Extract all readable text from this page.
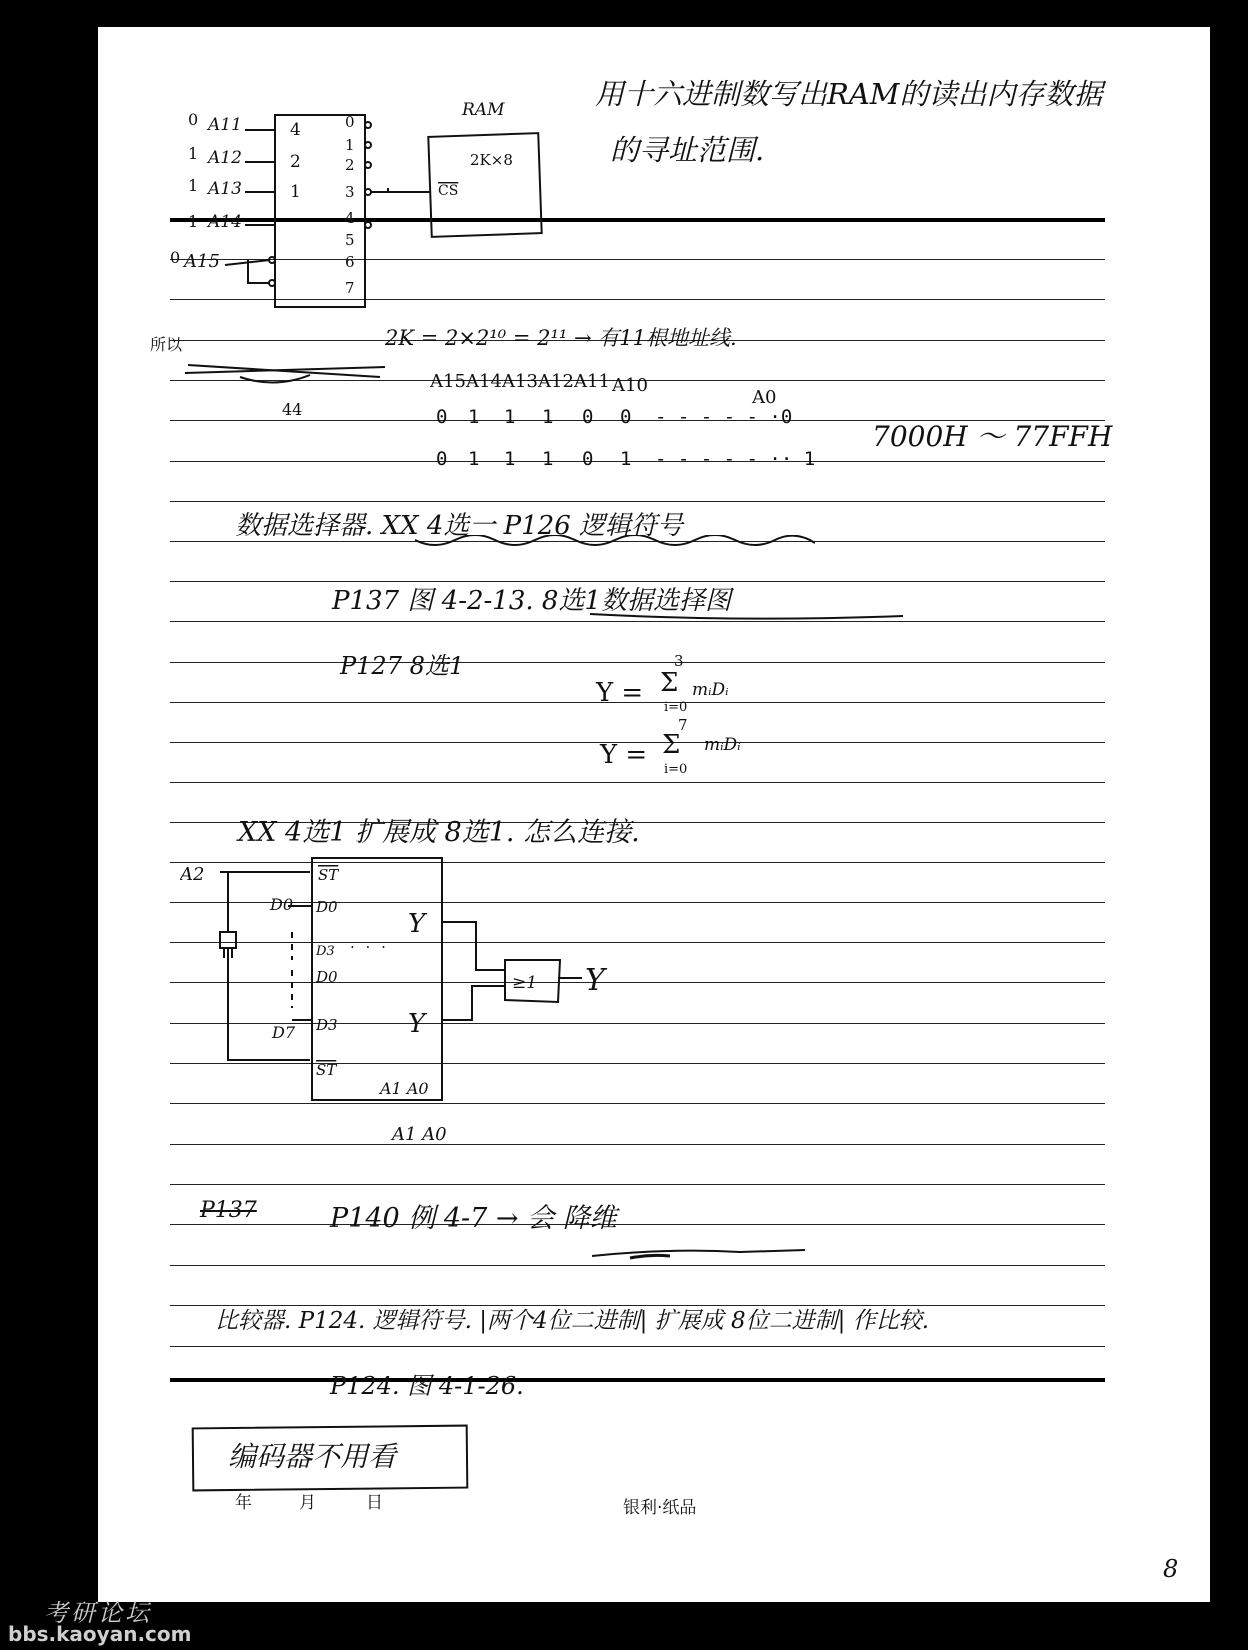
用十六进制数写出RAM的读出内存数据
的寻址范围.
0 A11
1 A12
1 A13
1 A14
0 A15
4
2
1
0
1
2
3
4
5
6
7
RAM
2K×8
CS
所以	2K = 2×2¹⁰ = 2¹¹ → 有11根地址线.
44
A15 A14 A13 A12 A11 A10
A0
0 1 1 1 0 0 - - - - - ·0
0 1 1 1 0 1 - - - - - ·· 1
7000H ～ 77FFH
数据选择器. XX 4选一 P126 逻辑符号
P137 图 4-2-13. 8选1数据选择图
P127 8选1
Y =
3
Σ
i=0
mᵢDᵢ
Y =
7
Σ
i=0
mᵢDᵢ
XX 4选1 扩展成 8选1. 怎么连接.
A2
D0
D7
ST
D0
D3
D0
D3
ST
. . .
Y
Y
A1 A0
A1 A0
≥1 Y
P137	P140 例 4-7 → 会 降维
比较器. P124. 逻辑符号. |两个4位二进制| 扩展成 8位二进制| 作比较.
P124. 图 4-1-26.
编码器不用看
年	月	日	银利·纸品
8
考研论坛
bbs.kaoyan.com
